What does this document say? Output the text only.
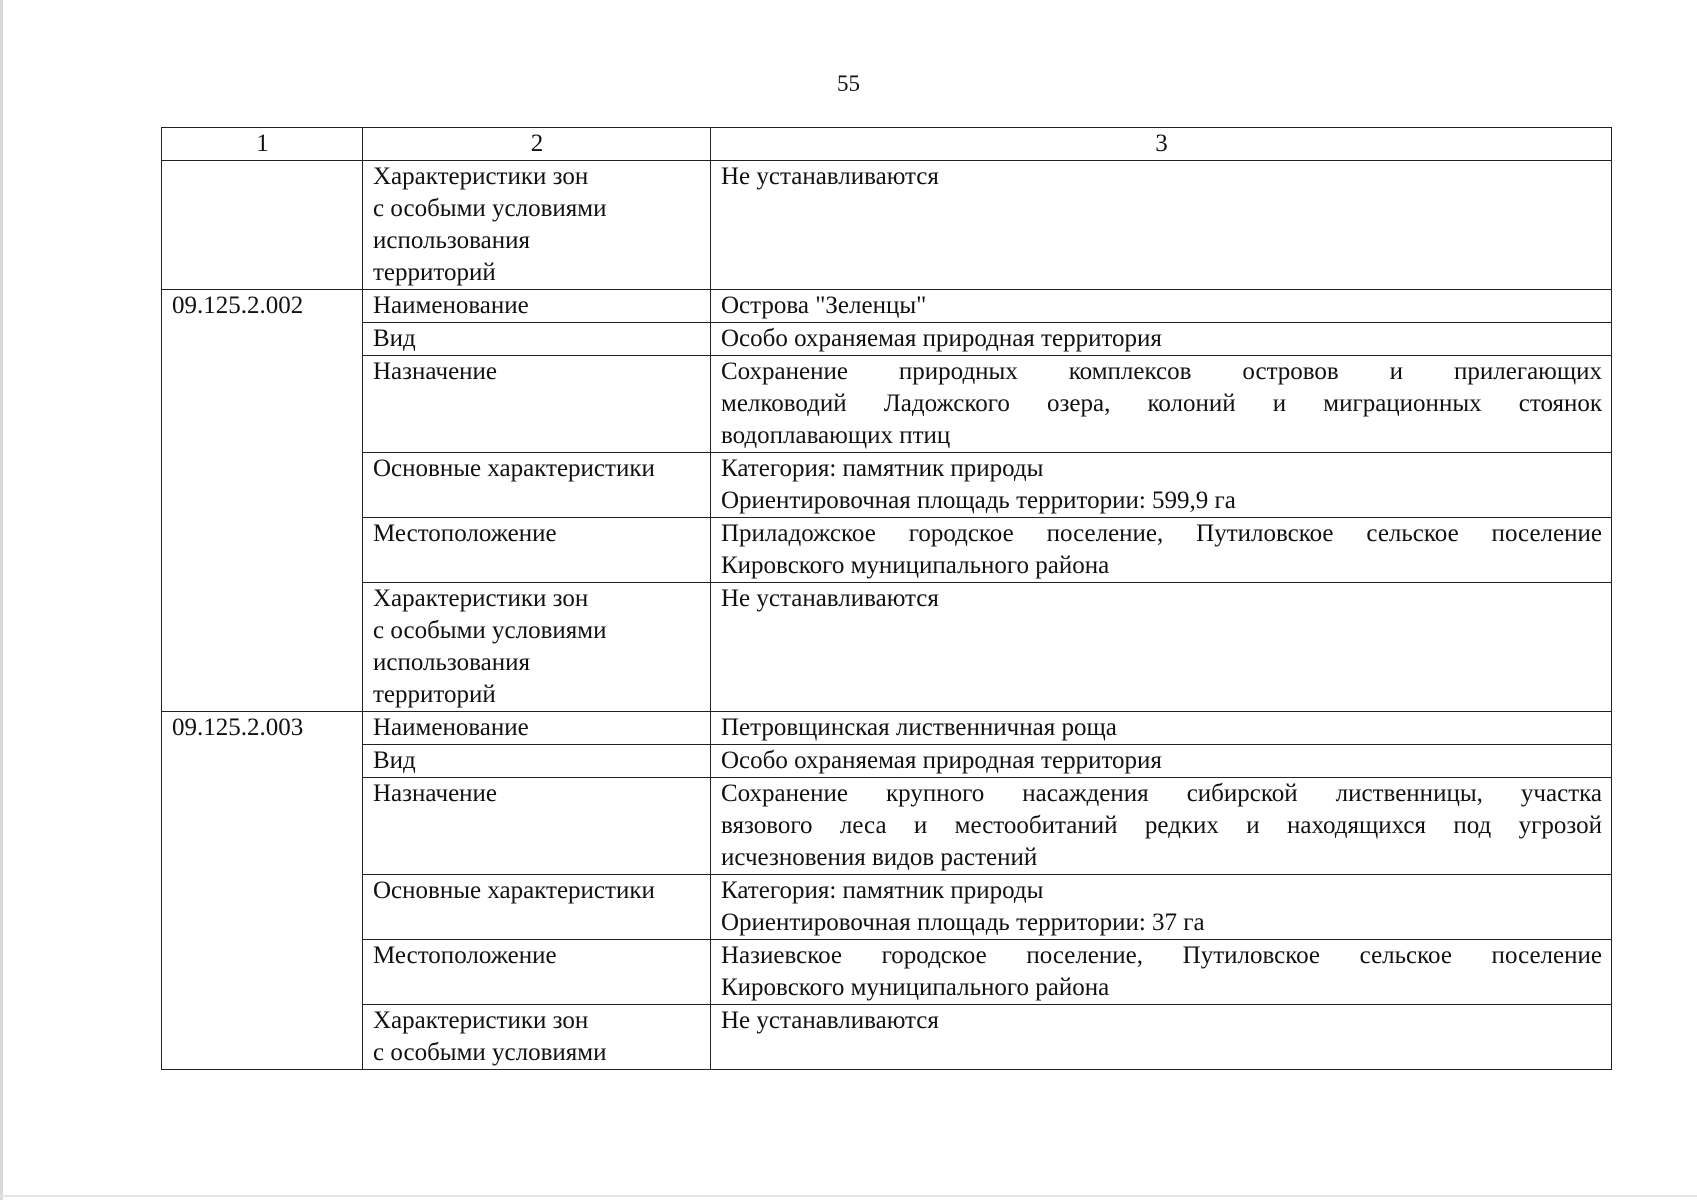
55
1	2	3

	Характеристики зон
с особыми условиями
использования
территорий	Не устанавливаются

09.125.2.002	Наименование	Острова "Зеленцы"

	Вид	Особо охраняемая природная территория

	Назначение	Сохранение природных комплексов островов и прилегающих
мелководий Ладожского озера, колоний и миграционных стоянок
водоплавающих птиц

	Основные характеристики	Категория: памятник природы
Ориентировочная площадь территории: 599,9 га

	Местоположение	Приладожское городское поселение, Путиловское сельское поселение
Кировского муниципального района

	Характеристики зон
с особыми условиями
использования
территорий	Не устанавливаются

09.125.2.003	Наименование	Петровщинская лиственничная роща

	Вид	Особо охраняемая природная территория

	Назначение	Сохранение крупного насаждения сибирской лиственницы, участка
вязового леса и местообитаний редких и находящихся под угрозой
исчезновения видов растений

	Основные характеристики	Категория: памятник природы
Ориентировочная площадь территории: 37 га

	Местоположение	Назиевское городское поселение, Путиловское сельское поселение
Кировского муниципального района

	Характеристики зон
с особыми условиями	Не устанавливаются
